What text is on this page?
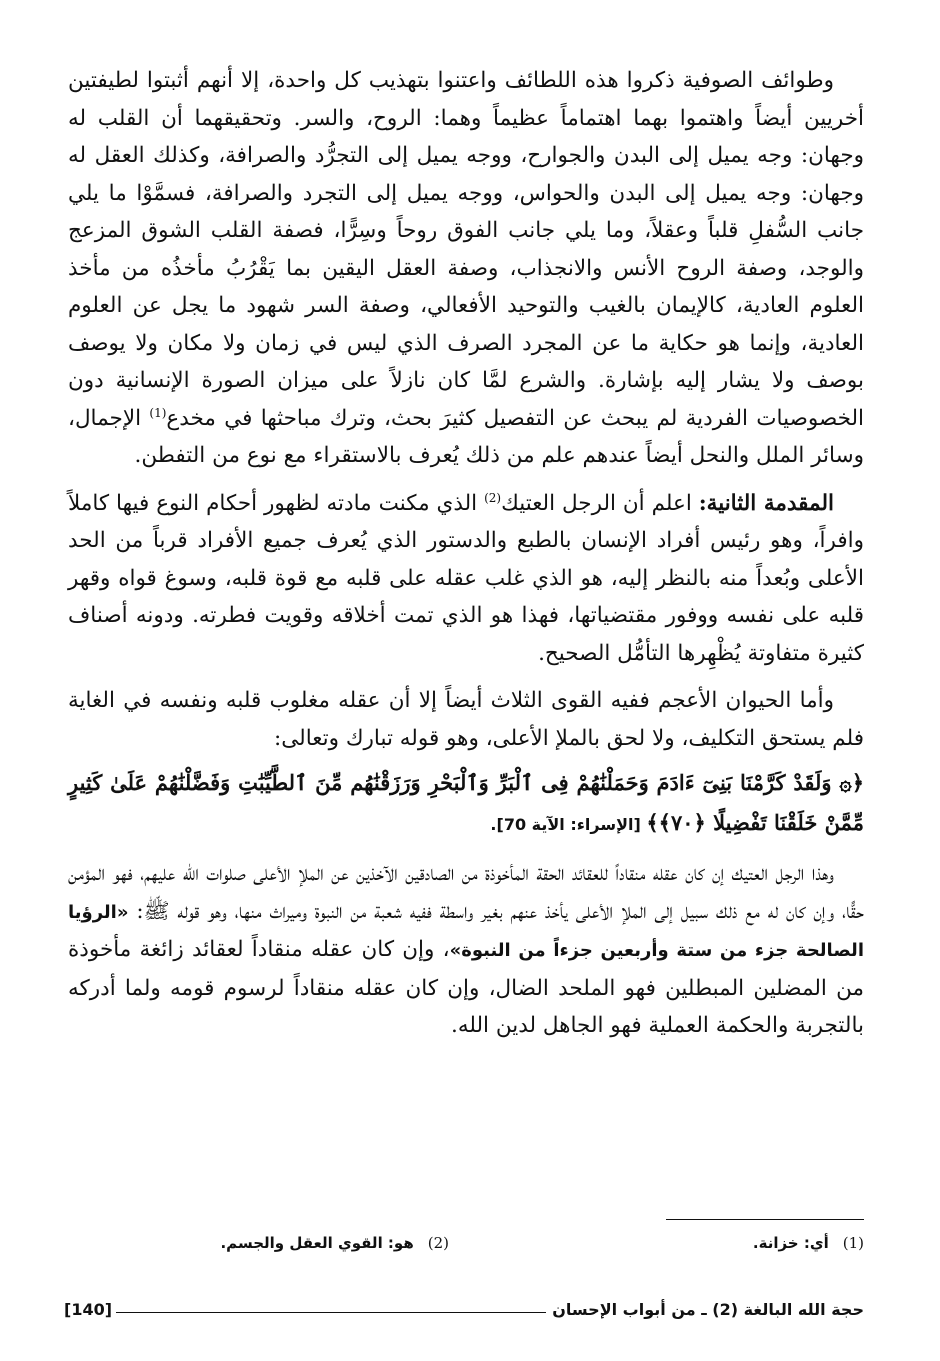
وطوائف الصوفية ذكروا هذه اللطائف واعتنوا بتهذيب كل واحدة، إلا أنهم أثبتوا لطيفتين أخريين أيضاً واهتموا بهما اهتماماً عظيماً وهما: الروح، والسر. وتحقيقهما أن القلب له وجهان: وجه يميل إلى البدن والجوارح، ووجه يميل إلى التجرُّد والصرافة، وكذلك العقل له وجهان: وجه يميل إلى البدن والحواس، ووجه يميل إلى التجرد والصرافة، فسمَّوْا ما يلي جانب السُّفلِ قلباً وعقلاً، وما يلي جانب الفوق روحاً وسِرًّا، فصفة القلب الشوق المزعج والوجد، وصفة الروح الأنس والانجذاب، وصفة العقل اليقين بما يَقْرُبُ مأخذُه من مأخذ العلوم العادية، كالإيمان بالغيب والتوحيد الأفعالي، وصفة السر شهود ما يجل عن العلوم العادية، وإنما هو حكاية ما عن المجرد الصرف الذي ليس في زمان ولا مكان ولا يوصف بوصف ولا يشار إليه بإشارة. والشرع لمَّا كان نازلاً على ميزان الصورة الإنسانية دون الخصوصيات الفردية لم يبحث عن التفصيل كثيرَ بحث، وترك مباحثها في مخدع$^{(1)}$ الإجمال، وسائر الملل والنحل أيضاً عندهم علم من ذلك يُعرف بالاستقراء مع نوع من التفطن.

المقدمة الثانية: اعلم أن الرجل العتيك$^{(2)}$ الذي مكنت مادته لظهور أحكام النوع فيها كاملاً وافراً، وهو رئيس أفراد الإنسان بالطبع والدستور الذي يُعرف جميع الأفراد قرباً من الحد الأعلى وبُعداً منه بالنظر إليه، هو الذي غلب عقله على قلبه مع قوة قلبه، وسوغ قواه وقهر قلبه على نفسه ووفور مقتضياتها، فهذا هو الذي تمت أخلاقه وقويت فطرته. ودونه أصناف كثيرة متفاوتة يُظْهِرها التأمُّل الصحيح.

وأما الحيوان الأعجم ففيه القوى الثلاث أيضاً إلا أن عقله مغلوب قلبه ونفسه في الغاية فلم يستحق التكليف، ولا لحق بالملإ الأعلى، وهو قوله تبارك وتعالى:

﴿۞ وَلَقَدْ كَرَّمْنَا بَنِىٓ ءَادَمَ وَحَمَلْنَٰهُمْ فِى ٱلْبَرِّ وَٱلْبَحْرِ وَرَزَقْنَٰهُم مِّنَ ٱلطَّيِّبَٰتِ وَفَضَّلْنَٰهُمْ عَلَىٰ كَثِيرٍ مِّمَّنْ خَلَقْنَا تَفْضِيلًا ﴿٧٠﴾﴾ [الإسراء: الآية 70].

وهذا الرجل العتيك إن كان عقله منقاداً للعقائد الحقة المأخوذة من الصادقين الآخذين عن الملإ الأعلى صلوات الله عليهم، فهو المؤمن حقًّا، وإن كان له مع ذلك سبيل إلى الملإ الأعلى يأخذ عنهم بغير واسطة ففيه شعبة من النبوة وميراث منها، وهو قوله ﷺ: «الرؤيا الصالحة جزء من ستة وأربعين جزءاً من النبوة»، وإن كان عقله منقاداً لعقائد زائغة مأخوذة من المضلين المبطلين فهو الملحد الضال، وإن كان عقله منقاداً لرسوم قومه ولما أدركه بالتجربة والحكمة العملية فهو الجاهل لدين الله.

(1)أي: خزانة.
(2)هو: القوي العقل والجسم.
حجة الله البالغة (2) ـ من أبواب الإحسان
[140]
